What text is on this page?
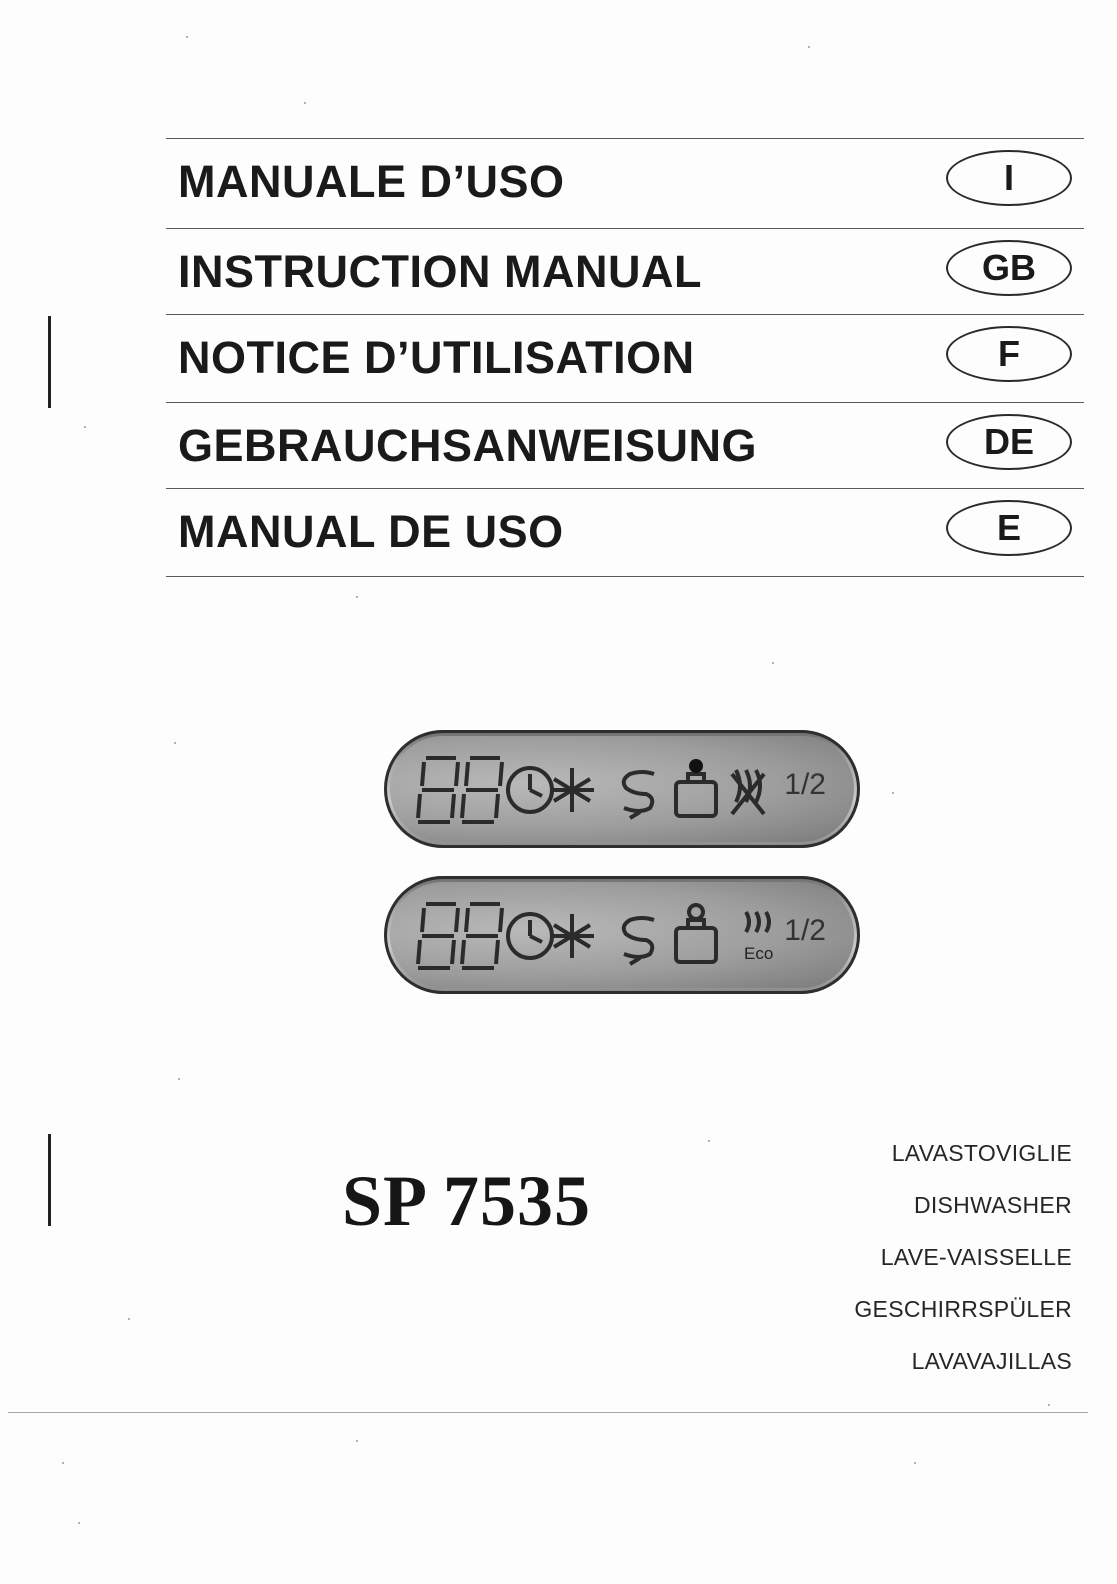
MANUALE D’USO	I
INSTRUCTION MANUAL	GB
NOTICE D’UTILISATION	F
GEBRAUCHSANWEISUNG	DE
MANUAL DE USO	E
1/2
Eco
1/2
SP 7535
LAVASTOVIGLIE
DISHWASHER
LAVE-VAISSELLE
GESCHIRRSPÜLER
LAVAVAJILLAS
